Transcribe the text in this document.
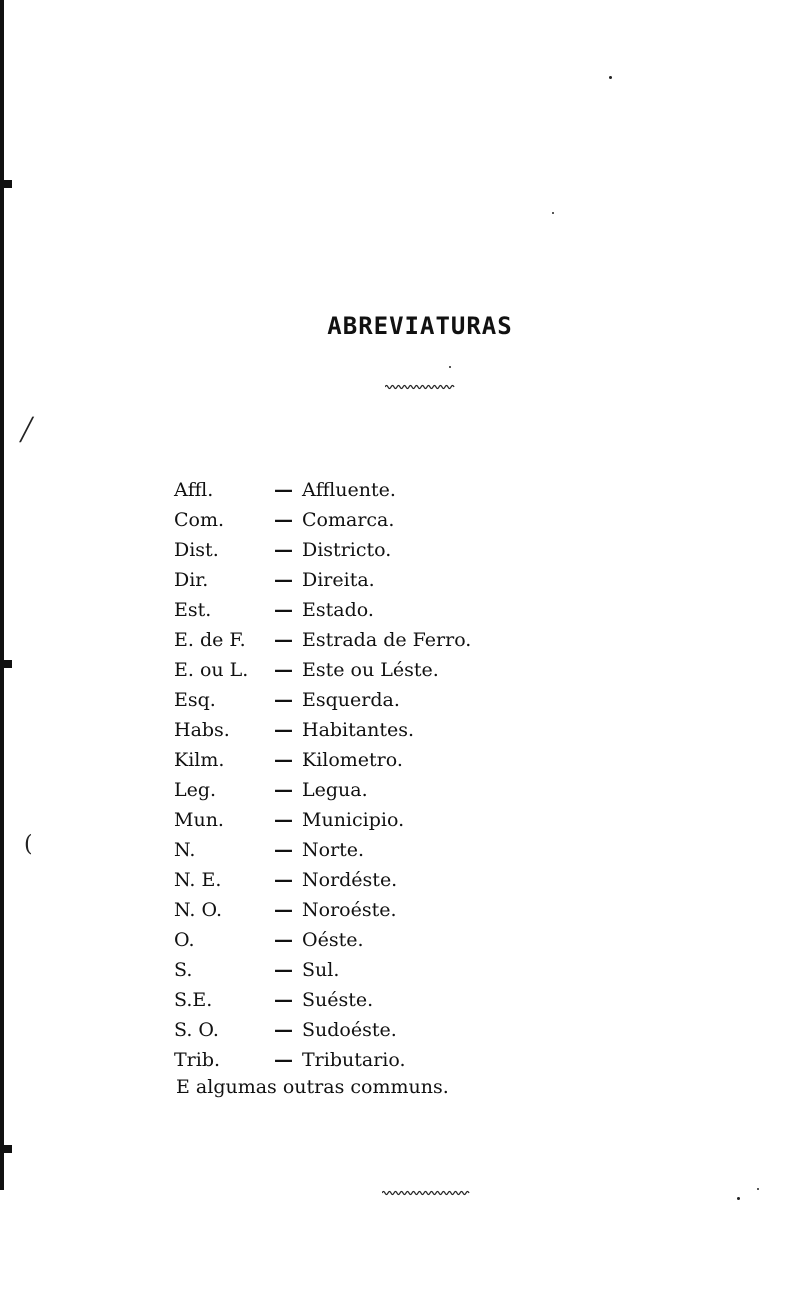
╱
(
ABREVIATURAS
Affl.	— Affluente.
Com.	— Comarca.
Dist.	— Districto.
Dir.	— Direita.
Est.	— Estado.
E. de F.	— Estrada de Ferro.
E. ou L.	— Este ou Léste.
Esq.	— Esquerda.
Habs.	— Habitantes.
Kilm.	— Kilometro.
Leg.	— Legua.
Mun.	— Municipio.
N.	— Norte.
N. E.	— Nordéste.
N. O.	— Noroéste.
O.	— Oéste.
S.	— Sul.
S.E.	— Suéste.
S. O.	— Sudoéste.
Trib.	— Tributario.
E algumas outras communs.
